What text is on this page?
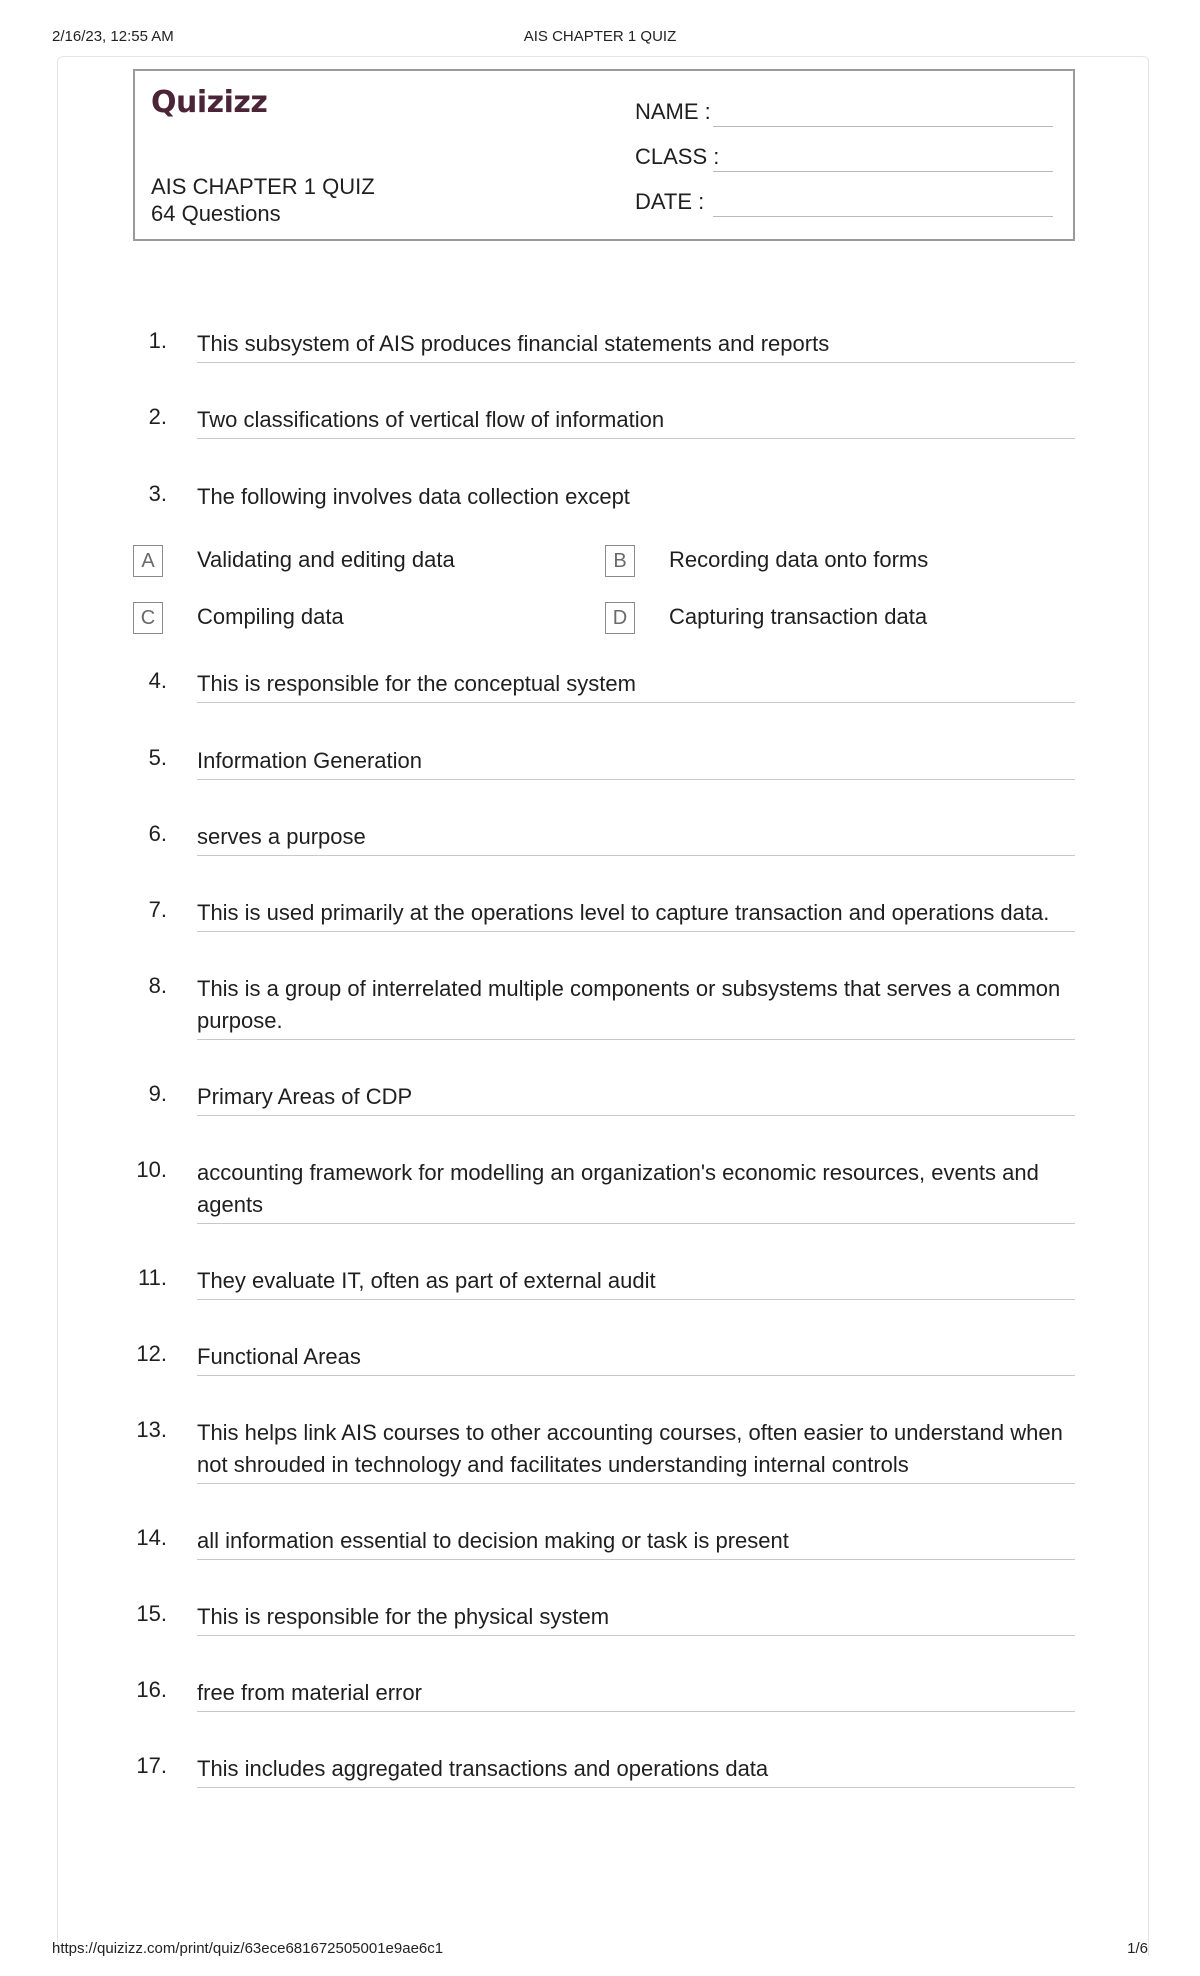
2/16/23, 12:55 AM	AIS CHAPTER 1 QUIZ
Quizizz
AIS CHAPTER 1 QUIZ
64 Questions
NAME :
CLASS :
DATE :
1. This subsystem of AIS produces financial statements and reports
2. Two classifications of vertical flow of information
3. The following involves data collection except
A	Validating and editing data	B	Recording data onto forms
C	Compiling data	D	Capturing transaction data
4. This is responsible for the conceptual system
5. Information Generation
6. serves a purpose
7. This is used primarily at the operations level to capture transaction and operations data.
8. This is a group of interrelated multiple components or subsystems that serves a common purpose.
9. Primary Areas of CDP
10. accounting framework for modelling an organization's economic resources, events and agents
11. They evaluate IT, often as part of external audit
12. Functional Areas
13. This helps link AIS courses to other accounting courses, often easier to understand when not shrouded in technology and facilitates understanding internal controls
14. all information essential to decision making or task is present
15. This is responsible for the physical system
16. free from material error
17. This includes aggregated transactions and operations data
https://quizizz.com/print/quiz/63ece681672505001e9ae6c1	1/6
